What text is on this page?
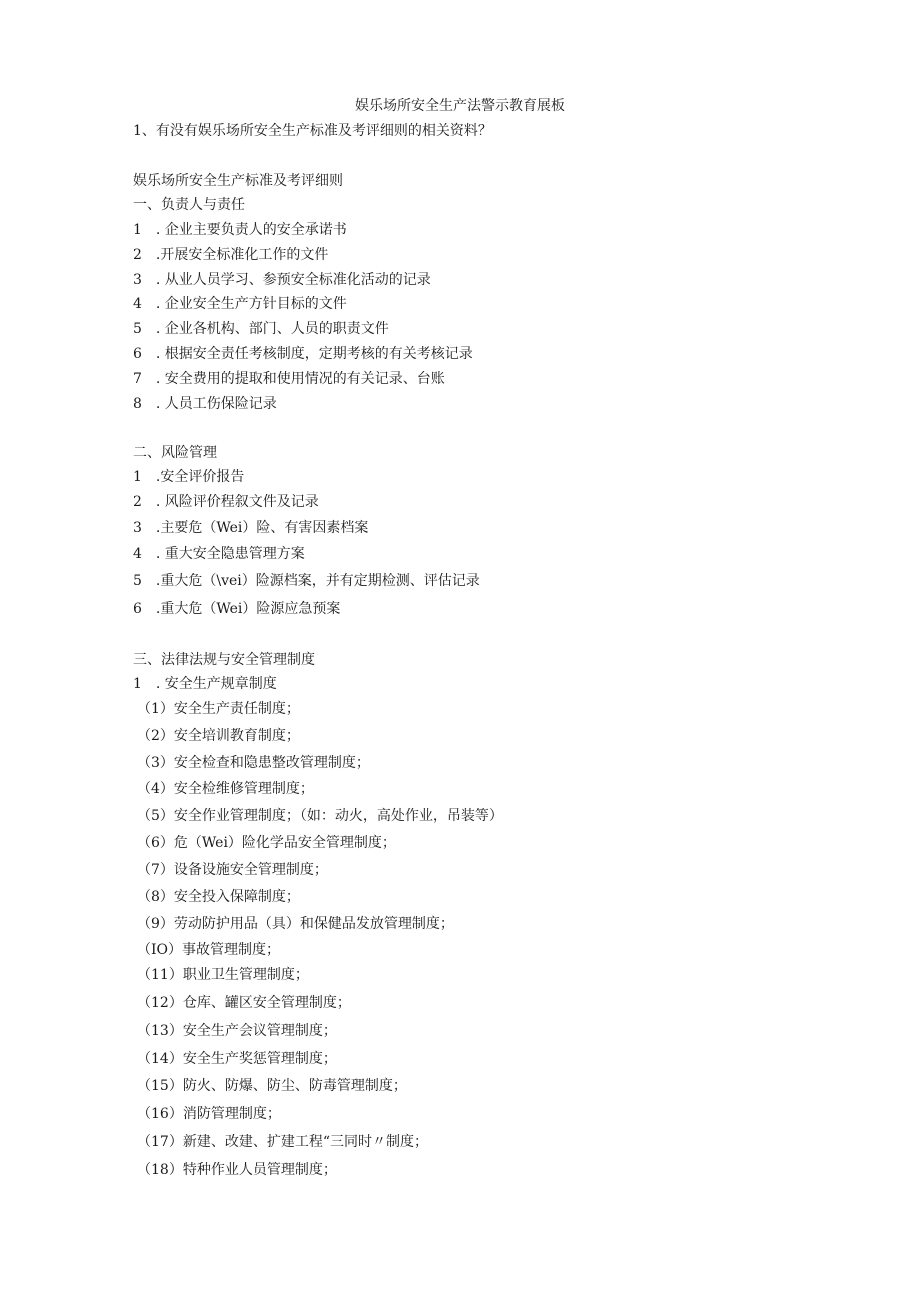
娱乐场所安全生产法警示教育展板
1、有没有娱乐场所安全生产标准及考评细则的相关资料？
娱乐场所安全生产标准及考评细则
一、负责人与责任
1　. 企业主要负责人的安全承诺书
2　.开展安全标准化工作的文件
3　. 从业人员学习、参预安全标准化活动的记录
4　. 企业安全生产方针目标的文件
5　. 企业各机构、部门、人员的职责文件
6　. 根据安全责任考核制度，定期考核的有关考核记录
7　. 安全费用的提取和使用情况的有关记录、台账
8　. 人员工伤保险记录
二、风险管理
1　.安全评价报告
2　. 风险评价程叙文件及记录
3　.主要危（Wei）险、有害因素档案
4　. 重大安全隐患管理方案
5　.重大危（\vei）险源档案，并有定期检测、评估记录
6　.重大危（Wei）险源应急预案
三、法律法规与安全管理制度
1　. 安全生产规章制度
（1）安全生产责任制度；
（2）安全培训教育制度；
（3）安全检查和隐患整改管理制度；
（4）安全检维修管理制度；
（5）安全作业管理制度；（如：动火，高处作业，吊装等）
（6）危（Wei）险化学品安全管理制度；
（7）设备设施安全管理制度；
（8）安全投入保障制度；
（9）劳动防护用品（具）和保健品发放管理制度；
（IO）事故管理制度；
（11）职业卫生管理制度；
（12）仓库、罐区安全管理制度；
（13）安全生产会议管理制度；
（14）安全生产奖惩管理制度；
（15）防火、防爆、防尘、防毒管理制度；
（16）消防管理制度；
（17）新建、改建、扩建工程“三同时〃制度；
（18）特种作业人员管理制度；
